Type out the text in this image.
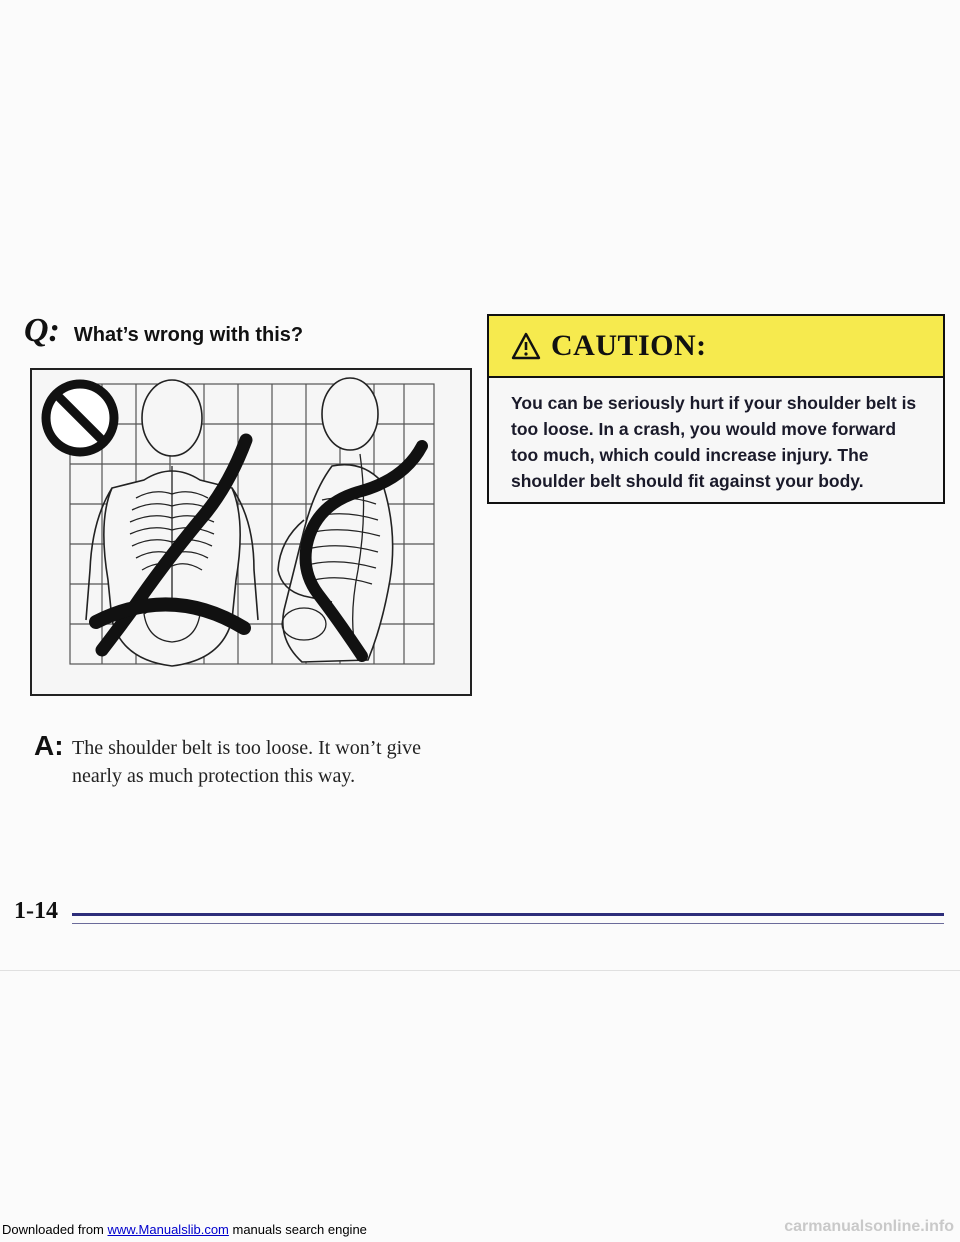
Q: What’s wrong with this?
A: The shoulder belt is too loose. It won’t give nearly as much protection this way.
CAUTION:
You can be seriously hurt if your shoulder belt is too loose. In a crash, you would move forward too much, which could increase injury. The shoulder belt should fit against your body.
1-14
Downloaded from www.Manualslib.com manuals search engine	carmanualsonline.info
